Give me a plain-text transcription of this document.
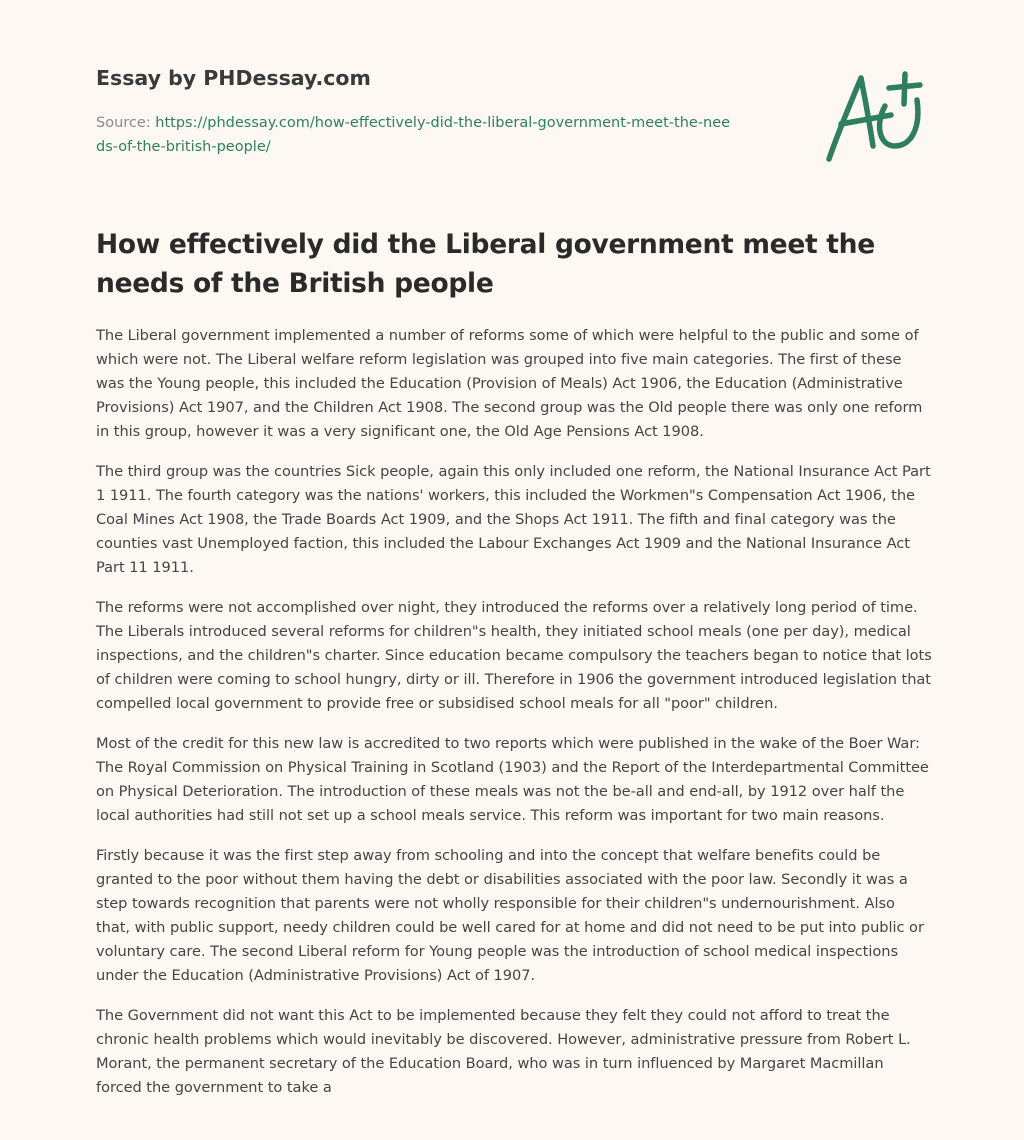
Essay by PHDessay.com
Source: https://phdessay.com/how-effectively-did-the-liberal-government-meet-the-needs-of-the-british-people/
How effectively did the Liberal government meet the needs of the British people

The Liberal government implemented a number of reforms some of which were helpful to the public and some of which were not. The Liberal welfare reform legislation was grouped into five main categories. The first of these was the Young people, this included the Education (Provision of Meals) Act 1906, the Education (Administrative Provisions) Act 1907, and the Children Act 1908. The second group was the Old people there was only one reform in this group, however it was a very significant one, the Old Age Pensions Act 1908.

The third group was the countries Sick people, again this only included one reform, the National Insurance Act Part 1 1911. The fourth category was the nations' workers, this included the Workmen"s Compensation Act 1906, the Coal Mines Act 1908, the Trade Boards Act 1909, and the Shops Act 1911. The fifth and final category was the counties vast Unemployed faction, this included the Labour Exchanges Act 1909 and the National Insurance Act Part 11 1911.

The reforms were not accomplished over night, they introduced the reforms over a relatively long period of time. The Liberals introduced several reforms for children"s health, they initiated school meals (one per day), medical inspections, and the children"s charter. Since education became compulsory the teachers began to notice that lots of children were coming to school hungry, dirty or ill. Therefore in 1906 the government introduced legislation that compelled local government to provide free or subsidised school meals for all "poor" children.

Most of the credit for this new law is accredited to two reports which were published in the wake of the Boer War: The Royal Commission on Physical Training in Scotland (1903) and the Report of the Interdepartmental Committee on Physical Deterioration. The introduction of these meals was not the be-all and end-all, by 1912 over half the local authorities had still not set up a school meals service. This reform was important for two main reasons.

Firstly because it was the first step away from schooling and into the concept that welfare benefits could be granted to the poor without them having the debt or disabilities associated with the poor law. Secondly it was a step towards recognition that parents were not wholly responsible for their children"s undernourishment. Also that, with public support, needy children could be well cared for at home and did not need to be put into public or voluntary care. The second Liberal reform for Young people was the introduction of school medical inspections under the Education (Administrative Provisions) Act of 1907.

The Government did not want this Act to be implemented because they felt they could not afford to treat the chronic health problems which would inevitably be discovered. However, administrative pressure from Robert L. Morant, the permanent secretary of the Education Board, who was in turn influenced by Margaret Macmillan forced the government to take a
